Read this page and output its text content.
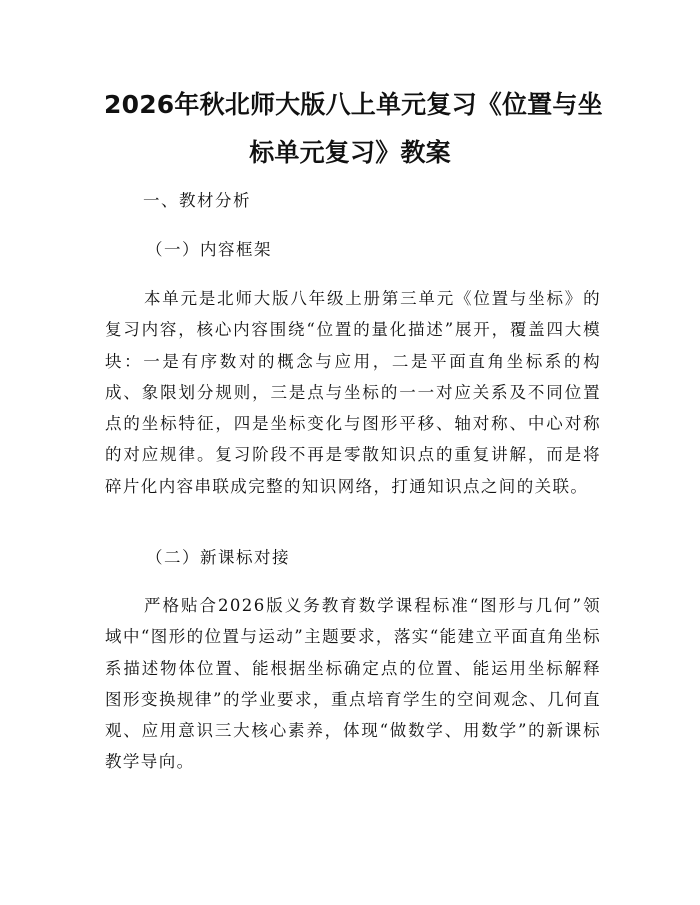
2026年秋北师大版八上单元复习《位置与坐
标单元复习》教案
一、教材分析
（一）内容框架

本单元是北师大版八年级上册第三单元《位置与坐标》的复习内容，核心内容围绕“位置的量化描述”展开，覆盖四大模块：一是有序数对的概念与应用，二是平面直角坐标系的构成、象限划分规则，三是点与坐标的一一对应关系及不同位置点的坐标特征，四是坐标变化与图形平移、轴对称、中心对称的对应规律。复习阶段不再是零散知识点的重复讲解，而是将碎片化内容串联成完整的知识网络，打通知识点之间的关联。

（二）新课标对接

严格贴合2026版义务教育数学课程标准“图形与几何”领域中“图形的位置与运动”主题要求，落实“能建立平面直角坐标系描述物体位置、能根据坐标确定点的位置、能运用坐标解释图形变换规律”的学业要求，重点培育学生的空间观念、几何直观、应用意识三大核心素养，体现“做数学、用数学”的新课标教学导向。
